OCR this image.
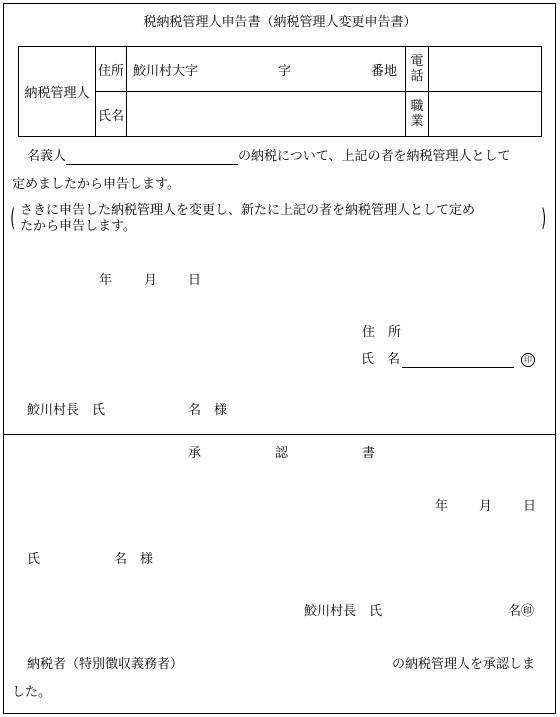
税納税管理人申告書（納税管理人変更申告書）
納税管理人	住所	鮫川村大字 字 番地	電話	
	氏名		職業	
名義人	の納税について、上記の者を納税管理人として
定めましたから申告します。
(	)
さきに申告した納税管理人を変更し、新たに上記の者を納税管理人として定め
たから申告します。
年 月 日
住　所
氏　名	印
鮫川村長　氏	名　様
承	認	書
年 月 日
氏	名　様
鮫川村長　氏	名㊞
納税者（特別徴収義務者）	の納税管理人を承認しま
した。
